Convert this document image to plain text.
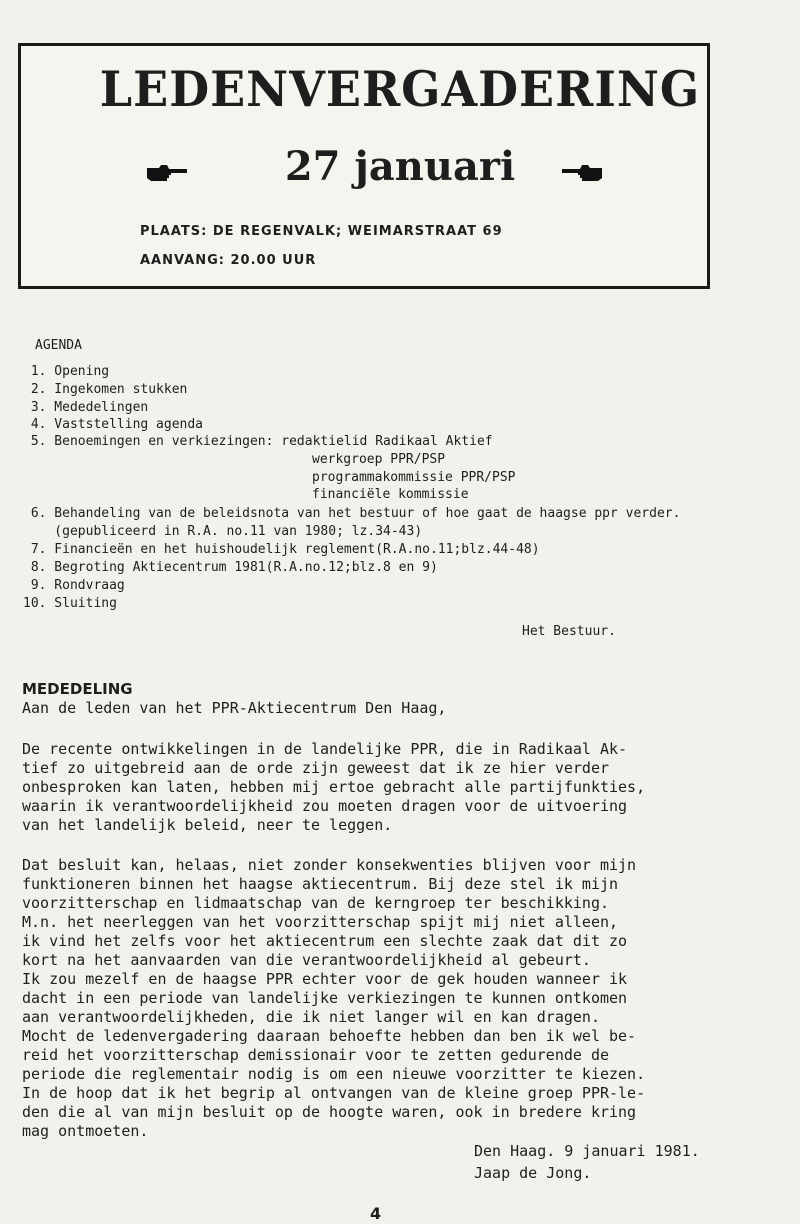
LEDENVERGADERING
27 januari
PLAATS: DE REGENVALK; WEIMARSTRAAT 69
AANVANG: 20.00 UUR
AGENDA
1. Opening
2. Ingekomen stukken
3. Mededelingen
4. Vaststelling agenda
5. Benoemingen en verkiezingen: redaktielid Radikaal Aktief
werkgroep PPR/PSP
programmakommissie PPR/PSP
financiële kommissie
6. Behandeling van de beleidsnota van het bestuur of hoe gaat de haagse ppr verder.
(gepubliceerd in R.A. no.11 van 1980; lz.34-43)
7. Financieën en het huishoudelijk reglement(R.A.no.11;blz.44-48)
8. Begroting Aktiecentrum 1981(R.A.no.12;blz.8 en 9)
9. Rondvraag
10. Sluiting
Het Bestuur.
MEDEDELING
Aan de leden van het PPR-Aktiecentrum Den Haag,
De recente ontwikkelingen in de landelijke PPR, die in Radikaal Ak-
tief zo uitgebreid aan de orde zijn geweest dat ik ze hier verder
onbesproken kan laten, hebben mij ertoe gebracht alle partijfunkties,
waarin ik verantwoordelijkheid zou moeten dragen voor de uitvoering
van het landelijk beleid, neer te leggen.
Dat besluit kan, helaas, niet zonder konsekwenties blijven voor mijn
funktioneren binnen het haagse aktiecentrum. Bij deze stel ik mijn
voorzitterschap en lidmaatschap van de kerngroep ter beschikking.
M.n. het neerleggen van het voorzitterschap spijt mij niet alleen,
ik vind het zelfs voor het aktiecentrum een slechte zaak dat dit zo
kort na het aanvaarden van die verantwoordelijkheid al gebeurt.
Ik zou mezelf en de haagse PPR echter voor de gek houden wanneer ik
dacht in een periode van landelijke verkiezingen te kunnen ontkomen
aan verantwoordelijkheden, die ik niet langer wil en kan dragen.
Mocht de ledenvergadering daaraan behoefte hebben dan ben ik wel be-
reid het voorzitterschap demissionair voor te zetten gedurende de
periode die reglementair nodig is om een nieuwe voorzitter te kiezen.
In de hoop dat ik het begrip al ontvangen van de kleine groep PPR-le-
den die al van mijn besluit op de hoogte waren, ook in bredere kring
mag ontmoeten.
Den Haag. 9 januari 1981.
Jaap de Jong.
4
